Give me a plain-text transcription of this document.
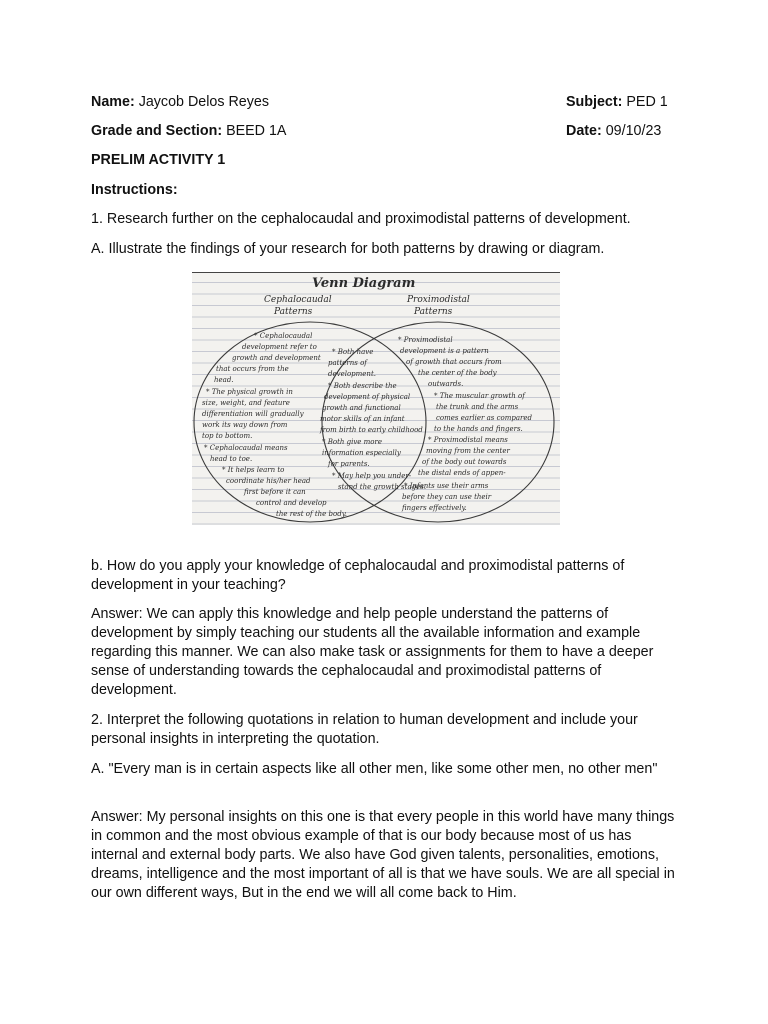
Name: Jaycob Delos Reyes	Subject: PED 1
Grade and Section: BEED 1A	Date: 09/10/23
PRELIM ACTIVITY 1
Instructions:
1. Research further on the cephalocaudal and proximodistal patterns of development.
A. Illustrate the findings of your research for both patterns by drawing or diagram.
Venn Diagram
Cephalocaudal
Patterns
Proximodistal
Patterns
* Cephalocaudal
development refer to
growth and development
that occurs from the
head.
* The physical growth in
size, weight, and feature
differentiation will gradually
work its way down from
top to bottom.
* Cephalocaudal means
head to toe.
* It helps learn to
coordinate his/her head
first before it can
control and develop
the rest of the body.
* Both have
patterns of
development.
* Both describe the
development of physical
growth and functional
motor skills of an infant
from birth to early childhood
* Both give more
information especially
for parents.
* May help you under-
stand the growth stages.
* Proximodistal
development is a pattern
of growth that occurs from
the center of the body
outwards.
* The muscular growth of
the trunk and the arms
comes earlier as compared
to the hands and fingers.
* Proximodistal means
moving from the center
of the body out towards
the distal ends of appen-
* Infants use their arms
before they can use their
fingers effectively.
b. How do you apply your knowledge of cephalocaudal and proximodistal patterns of development in your teaching?
Answer: We can apply this knowledge and help people understand the patterns of development by simply teaching our students all the available information and example regarding this manner. We can also make task or assignments for them to have a deeper sense of understanding towards the cephalocaudal and proximodistal patterns of development.
2. Interpret the following quotations in relation to human development and include your personal insights in interpreting the quotation.
A. "Every man is in certain aspects like all other men, like some other men, no other men"
Answer: My personal insights on this one is that every people in this world have many things in common and the most obvious example of that is our body because most of us has internal and external body parts. We also have God given talents, personalities, emotions, dreams, intelligence and the most important of all is that we have souls. We are all special in our own different ways, But in the end we will all come back to Him.
